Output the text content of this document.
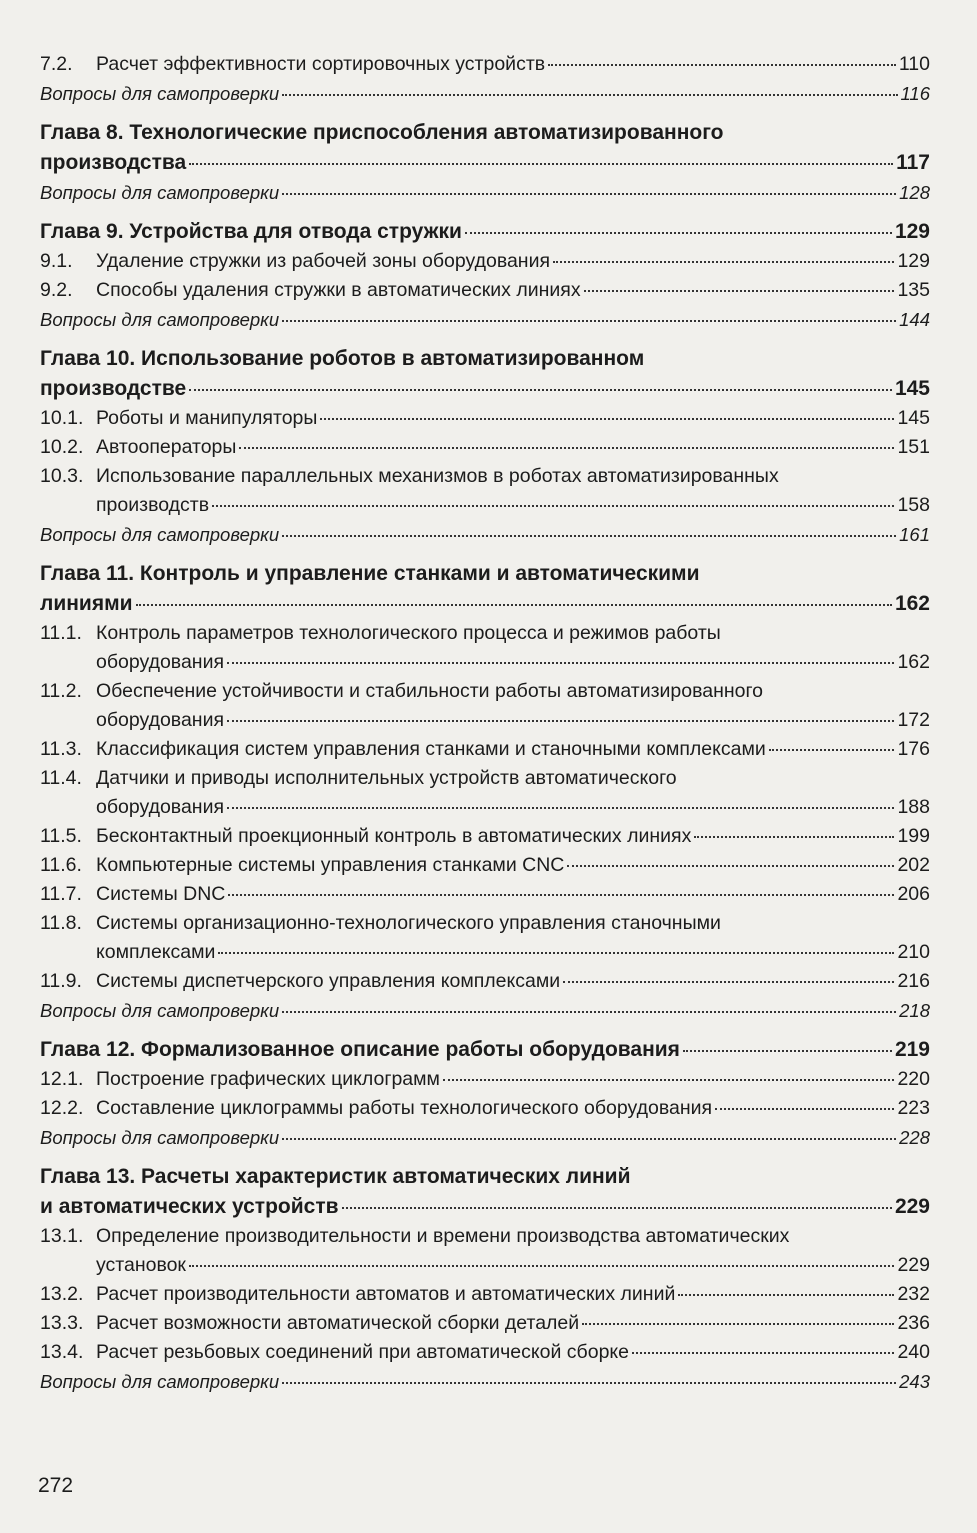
7.2.	Расчет эффективности сортировочных устройств	110
Вопросы для самопроверки	116
Глава 8. Технологические приспособления автоматизированного
производства	117
Вопросы для самопроверки	128
Глава 9. Устройства для отвода стружки	129
9.1.	Удаление стружки из рабочей зоны оборудования	129
9.2.	Способы удаления стружки в автоматических линиях	135
Вопросы для самопроверки	144
Глава 10. Использование роботов в автоматизированном
производстве	145
10.1. Роботы и манипуляторы	145
10.2. Автооператоры	151
10.3. Использование параллельных механизмов в роботах автоматизированных
производств	158
Вопросы для самопроверки	161
Глава 11. Контроль и управление станками и автоматическими
линиями	162
11.1. Контроль параметров технологического процесса и режимов работы
оборудования	162
11.2. Обеспечение устойчивости и стабильности работы автоматизированного
оборудования	172
11.3. Классификация систем управления станками и станочными комплексами	176
11.4. Датчики и приводы исполнительных устройств автоматического
оборудования	188
11.5. Бесконтактный проекционный контроль в автоматических линиях	199
11.6. Компьютерные системы управления станками CNC	202
11.7. Системы DNC	206
11.8. Системы организационно-технологического управления станочными
комплексами	210
11.9. Системы диспетчерского управления комплексами	216
Вопросы для самопроверки	218
Глава 12. Формализованное описание работы оборудования	219
12.1. Построение графических циклограмм	220
12.2. Составление циклограммы работы технологического оборудования	223
Вопросы для самопроверки	228
Глава 13. Расчеты характеристик автоматических линий
и автоматических устройств	229
13.1. Определение производительности и времени производства автоматических
установок	229
13.2. Расчет производительности автоматов и автоматических линий	232
13.3. Расчет возможности автоматической сборки деталей	236
13.4. Расчет резьбовых соединений при автоматической сборке	240
Вопросы для самопроверки	243
272
